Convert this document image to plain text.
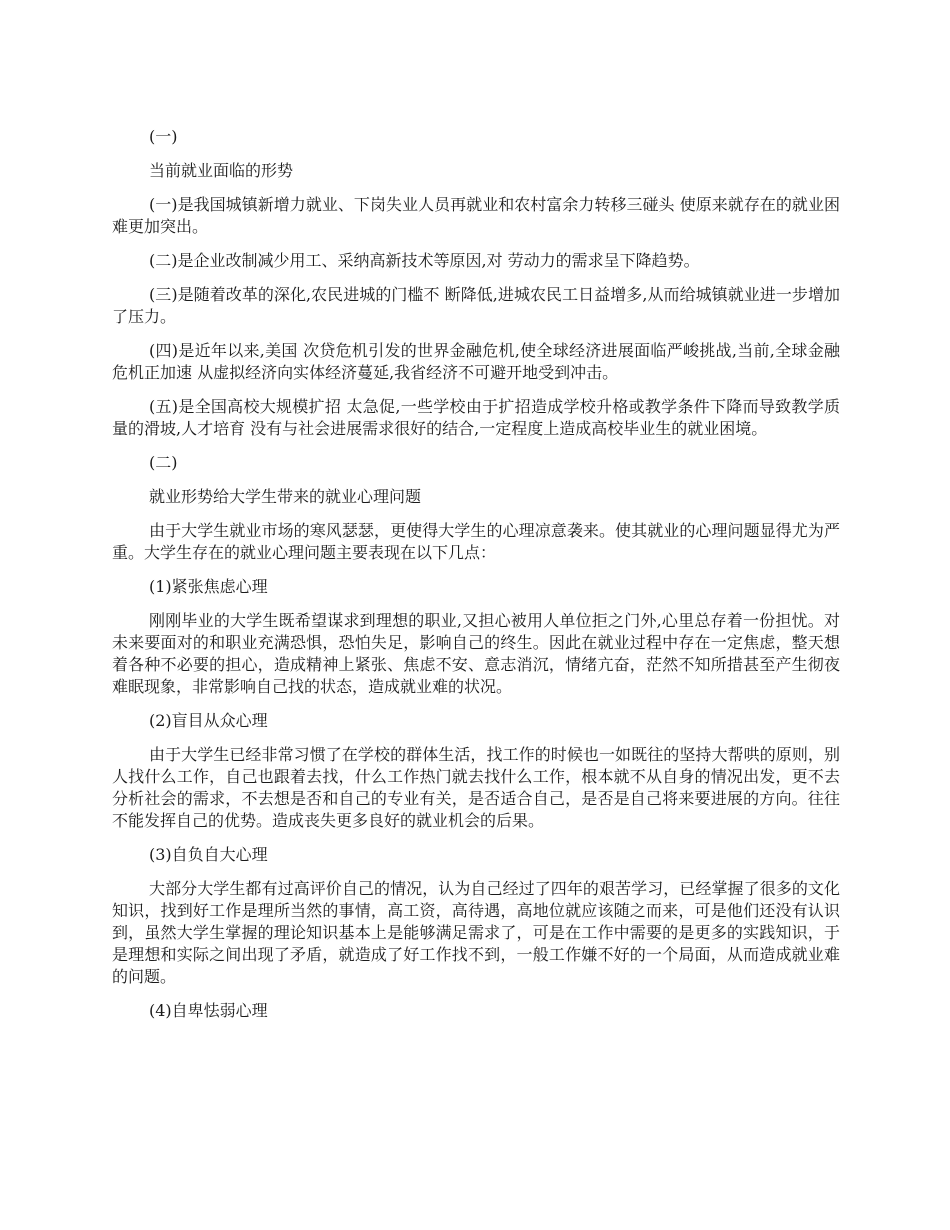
(一)

当前就业面临的形势

(一)是我国城镇新增力就业、下岗失业人员再就业和农村富余力转移三碰头 使原来就存在的就业困难更加突出。

(二)是企业改制减少用工、采纳高新技术等原因,对 劳动力的需求呈下降趋势。

(三)是随着改革的深化,农民进城的门槛不 断降低,进城农民工日益增多,从而给城镇就业进一步增加了压力。

(四)是近年以来,美国 次贷危机引发的世界金融危机,使全球经济进展面临严峻挑战,当前,全球金融危机正加速 从虚拟经济向实体经济蔓延,我省经济不可避开地受到冲击。

(五)是全国高校大规模扩招 太急促,一些学校由于扩招造成学校升格或教学条件下降而导致教学质量的滑坡,人才培育 没有与社会进展需求很好的结合,一定程度上造成高校毕业生的就业困境。

(二)

就业形势给大学生带来的就业心理问题

由于大学生就业市场的寒风瑟瑟，更使得大学生的心理凉意袭来。使其就业的心理问题显得尤为严重。大学生存在的就业心理问题主要表现在以下几点：

(1)紧张焦虑心理

刚刚毕业的大学生既希望谋求到理想的职业,又担心被用人单位拒之门外,心里总存着一份担忧。对未来要面对的和职业充满恐惧，恐怕失足，影响自己的终生。因此在就业过程中存在一定焦虑，整天想着各种不必要的担心，造成精神上紧张、焦虑不安、意志消沉，情绪亢奋，茫然不知所措甚至产生彻夜难眠现象，非常影响自己找的状态，造成就业难的状况。

(2)盲目从众心理

由于大学生已经非常习惯了在学校的群体生活，找工作的时候也一如既往的坚持大帮哄的原则，别人找什么工作，自己也跟着去找，什么工作热门就去找什么工作，根本就不从自身的情况出发，更不去分析社会的需求，不去想是否和自己的专业有关，是否适合自己，是否是自己将来要进展的方向。往往不能发挥自己的优势。造成丧失更多良好的就业机会的后果。

(3)自负自大心理

大部分大学生都有过高评价自己的情况，认为自己经过了四年的艰苦学习，已经掌握了很多的文化知识，找到好工作是理所当然的事情，高工资，高待遇，高地位就应该随之而来，可是他们还没有认识到，虽然大学生掌握的理论知识基本上是能够满足需求了，可是在工作中需要的是更多的实践知识，于是理想和实际之间出现了矛盾，就造成了好工作找不到，一般工作嫌不好的一个局面，从而造成就业难的问题。

(4)自卑怯弱心理
